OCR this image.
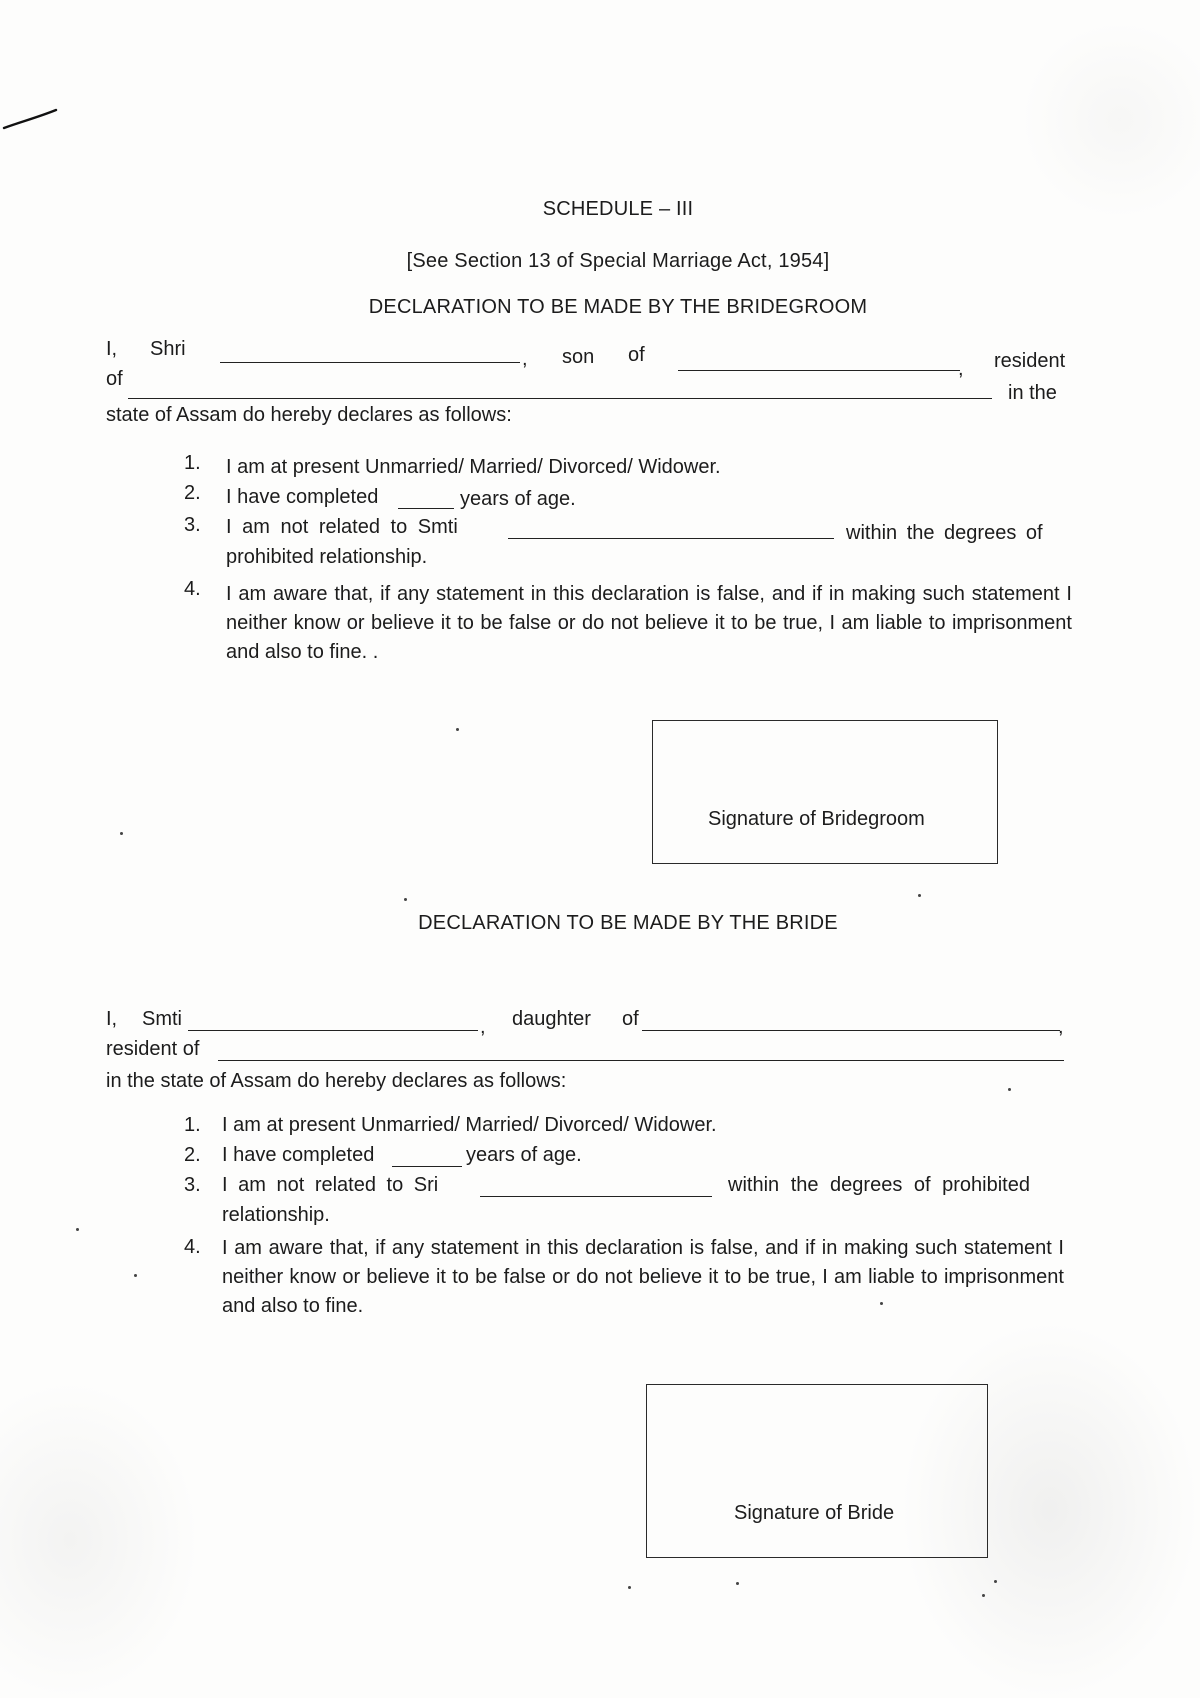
SCHEDULE – III
[See Section 13 of Special Marriage Act, 1954]
DECLARATION TO BE MADE BY THE BRIDEGROOM
I, Shri	, son of
, resident
of
in the
state of Assam do hereby declares as follows:
1. I am at present Unmarried/ Married/ Divorced/ Widower.
2. I have completed	years of age.
3. I am not related to Smti	within the degrees of
prohibited relationship.
4. I am aware that, if any statement in this declaration is false, and if in making such statement I neither know or believe it to be false or do not believe it to be true, I am liable to imprisonment and also to fine. .
Signature of Bridegroom
DECLARATION TO BE MADE BY THE BRIDE
I, Smti	, daughter of	,
resident of
in the state of Assam do hereby declares as follows:
1. I am at present Unmarried/ Married/ Divorced/ Widower.
2. I have completed	years of age.
3. I am not related to Sri	within the degrees of prohibited
relationship.
4. I am aware that, if any statement in this declaration is false, and if in making such statement I neither know or believe it to be false or do not believe it to be true, I am liable to imprisonment and also to fine.
Signature of Bride
